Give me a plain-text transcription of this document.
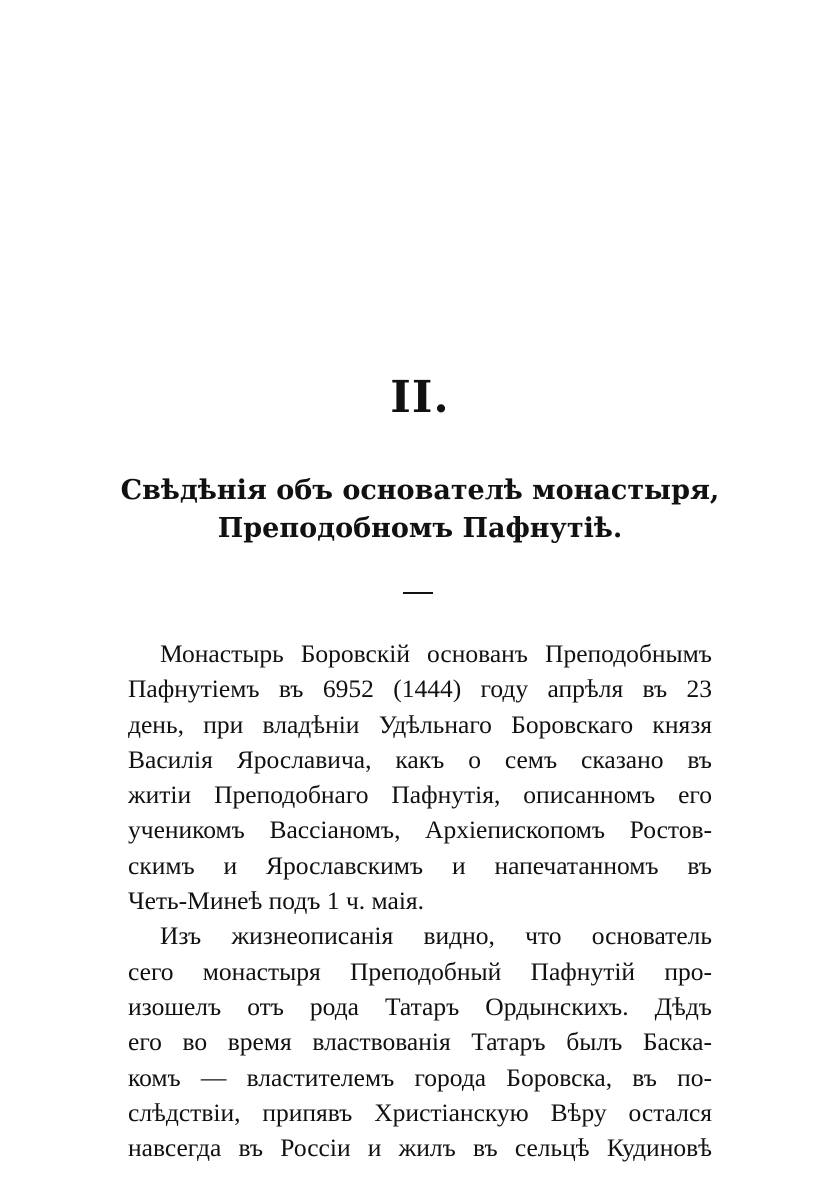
II.
Свѣдѣнія объ основателѣ монастыря,
Преподобномъ Пафнутіѣ.
Монастырь Боровскій основанъ Преподобнымъ
Пафнутіемъ въ 6952 (1444) году апрѣля въ 23
день, при владѣніи Удѣльнаго Боровскаго князя
Василія Ярославича, какъ о семъ сказано въ
житіи Преподобнаго Пафнутія, описанномъ его
ученикомъ Вассіаномъ, Архіепископомъ Ростов-
скимъ и Ярославскимъ и напечатанномъ въ
Четь-Минеѣ подъ 1 ч. маія.
Изъ жизнеописанія видно, что основатель
сего монастыря Преподобный Пафнутій про-
изошелъ отъ рода Татаръ Ордынскихъ. Дѣдъ
его во время властвованія Татаръ былъ Баска-
комъ — властителемъ города Боровска, въ по-
слѣдствіи, припявъ Христіанскую Вѣру остался
навсегда въ Россіи и жилъ въ сельцѣ Кудиновѣ
